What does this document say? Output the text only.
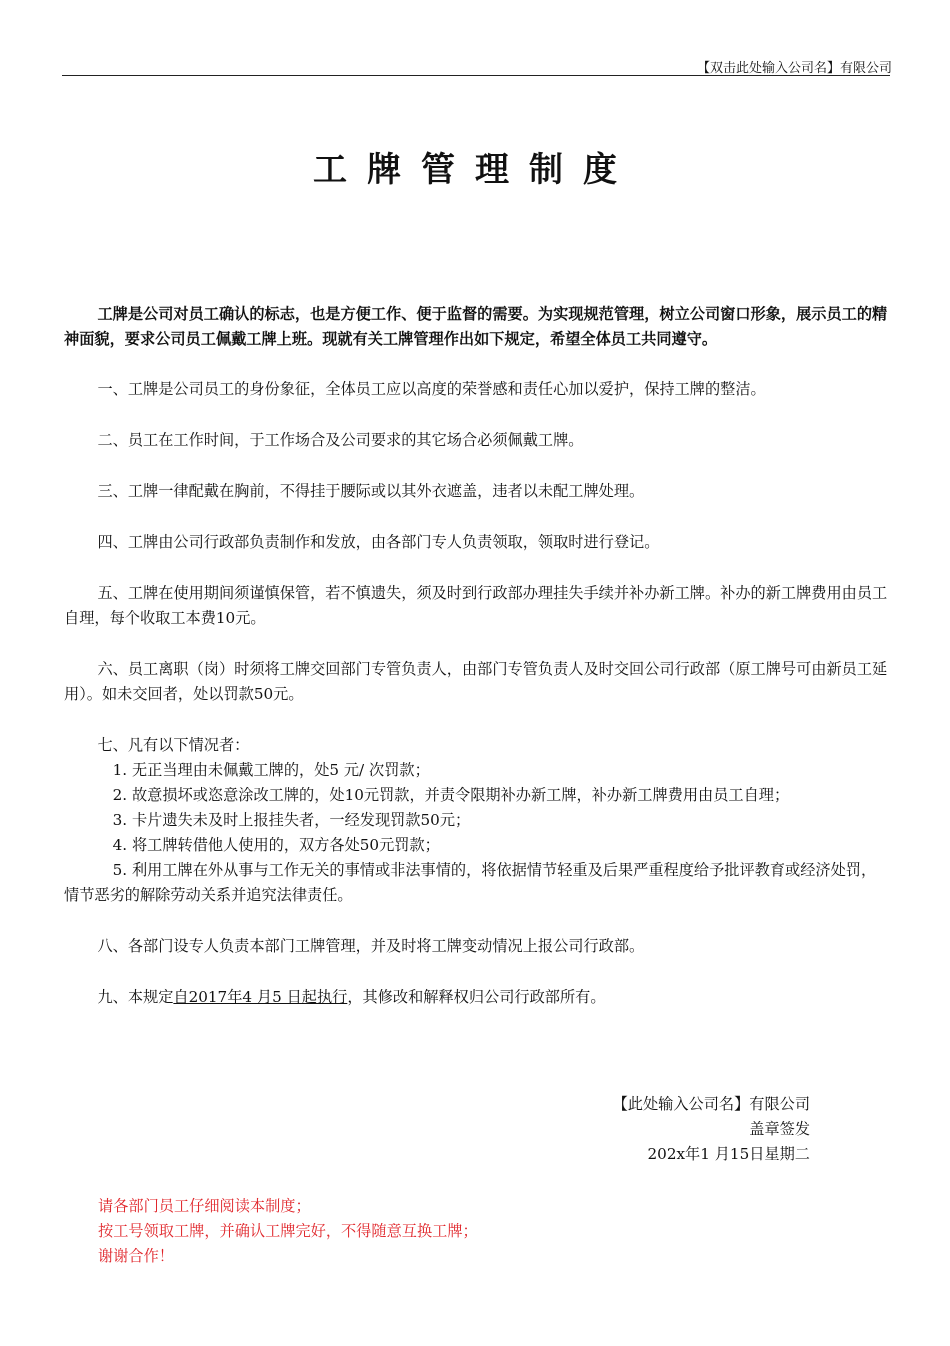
【双击此处输入公司名】有限公司
工牌管理制度

工牌是公司对员工确认的标志，也是方便工作、便于监督的需要。为实现规范管理，树立公司窗口形象，展示员工的精神面貌，要求公司员工佩戴工牌上班。现就有关工牌管理作出如下规定，希望全体员工共同遵守。

一、工牌是公司员工的身份象征，全体员工应以高度的荣誉感和责任心加以爱护，保持工牌的整洁。

二、员工在工作时间，于工作场合及公司要求的其它场合必须佩戴工牌。

三、工牌一律配戴在胸前，不得挂于腰际或以其外衣遮盖，违者以未配工牌处理。

四、工牌由公司行政部负责制作和发放，由各部门专人负责领取，领取时进行登记。

五、工牌在使用期间须谨慎保管，若不慎遗失，须及时到行政部办理挂失手续并补办新工牌。补办的新工牌费用由员工自理，每个收取工本费10元。

六、员工离职（岗）时须将工牌交回部门专管负责人，由部门专管负责人及时交回公司行政部（原工牌号可由新员工延用）。如未交回者，处以罚款50元。

七、凡有以下情况者：

1. 无正当理由未佩戴工牌的，处5 元/ 次罚款；

2. 故意损坏或恣意涂改工牌的，处10元罚款，并责令限期补办新工牌，补办新工牌费用由员工自理；

3. 卡片遗失未及时上报挂失者，一经发现罚款50元；

4. 将工牌转借他人使用的，双方各处50元罚款；

5. 利用工牌在外从事与工作无关的事情或非法事情的，将依据情节轻重及后果严重程度给予批评教育或经济处罚，情节恶劣的解除劳动关系并追究法律责任。

八、各部门设专人负责本部门工牌管理，并及时将工牌变动情况上报公司行政部。

九、本规定自2017年4 月5 日起执行，其修改和解释权归公司行政部所有。

【此处输入公司名】有限公司
盖章签发
202x年1 月15日星期二
请各部门员工仔细阅读本制度；
按工号领取工牌，并确认工牌完好，不得随意互换工牌；
谢谢合作！
